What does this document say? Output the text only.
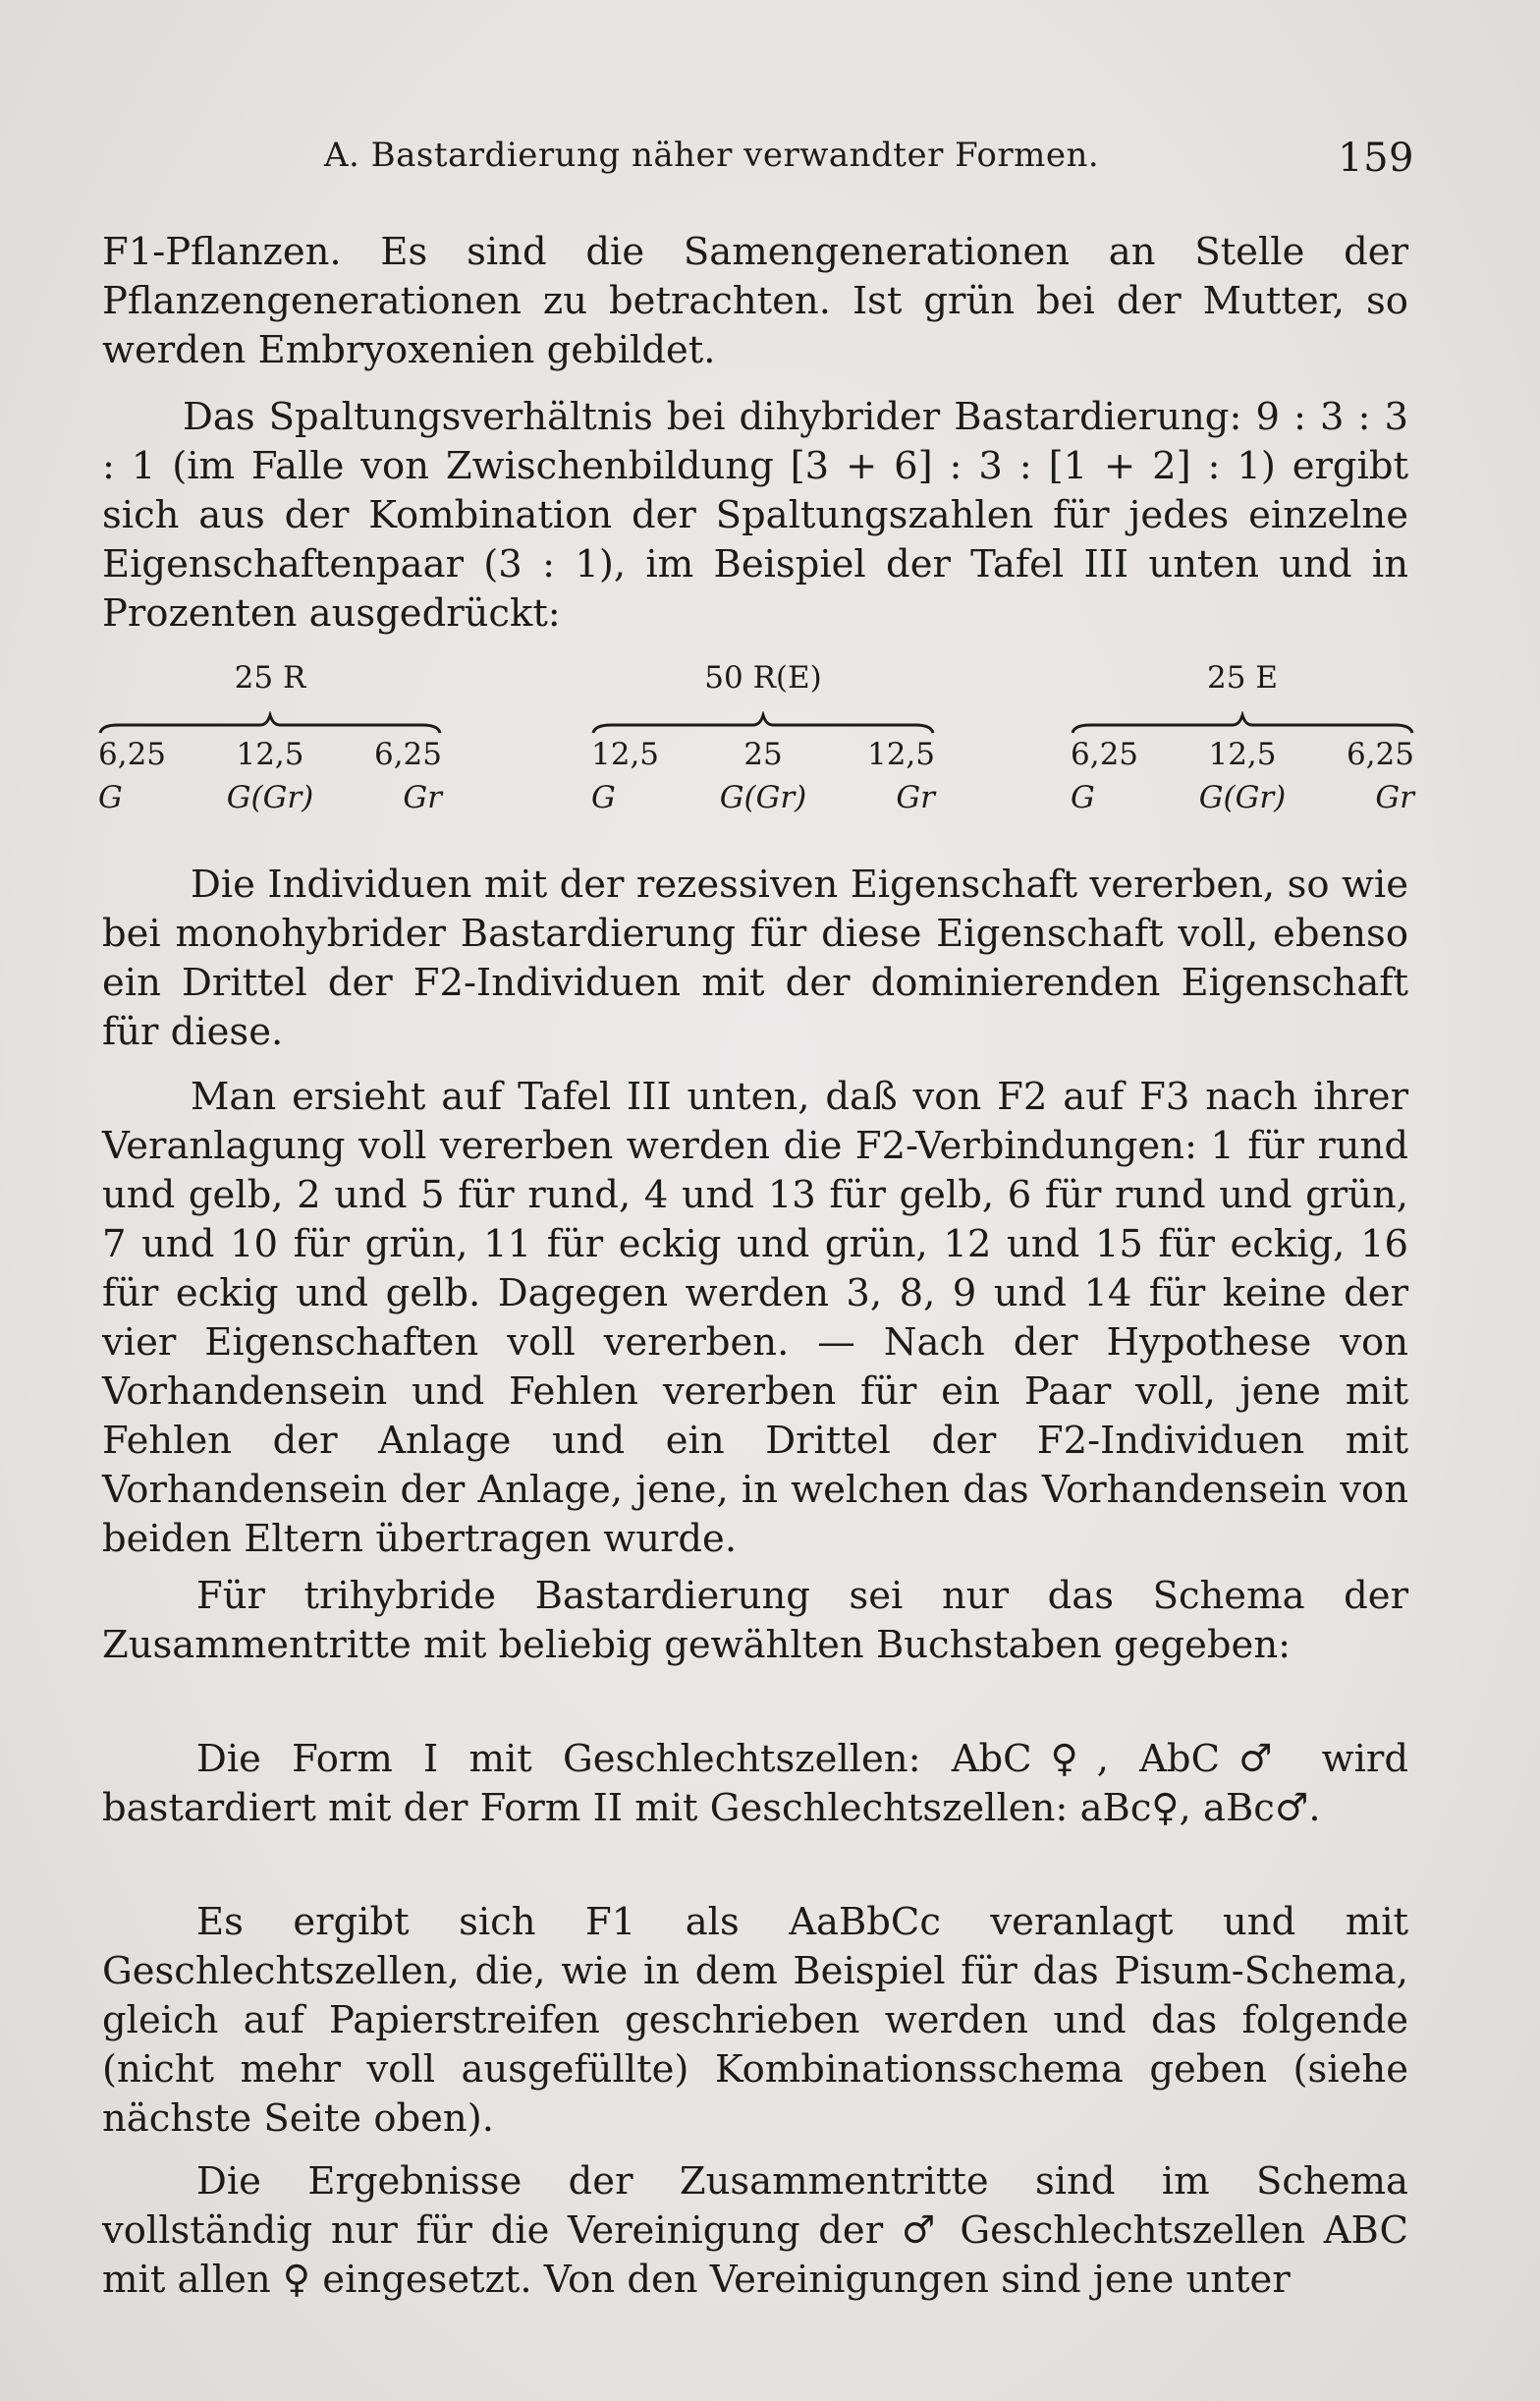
A. Bastardierung näher verwandter Formen.	159

F1-Pflanzen. Es sind die Samengenerationen an Stelle der Pflanzengenerationen zu betrachten. Ist grün bei der Mutter, so werden Embryoxenien gebildet.

Das Spaltungsverhältnis bei dihybrider Bastardierung: 9 : 3 : 3 : 1 (im Falle von Zwischenbildung [3 + 6] : 3 : [1 + 2] : 1) ergibt sich aus der Kombination der Spaltungszahlen für jedes einzelne Eigenschaftenpaar (3 : 1), im Beispiel der Tafel III unten und in Prozenten ausgedrückt:

25 R
6,25	12,5	6,25
G	G(Gr)	Gr
50 R(E)
12,5	25	12,5
G	G(Gr)	Gr
25 E
6,25	12,5	6,25
G	G(Gr)	Gr

Die Individuen mit der rezessiven Eigenschaft vererben, so wie bei monohybrider Bastardierung für diese Eigenschaft voll, ebenso ein Drittel der F2-Individuen mit der dominierenden Eigenschaft für diese.

Man ersieht auf Tafel III unten, daß von F2 auf F3 nach ihrer Veranlagung voll vererben werden die F2-Verbindungen: 1 für rund und gelb, 2 und 5 für rund, 4 und 13 für gelb, 6 für rund und grün, 7 und 10 für grün, 11 für eckig und grün, 12 und 15 für eckig, 16 für eckig und gelb. Dagegen werden 3, 8, 9 und 14 für keine der vier Eigenschaften voll vererben. — Nach der Hypothese von Vorhandensein und Fehlen vererben für ein Paar voll, jene mit Fehlen der Anlage und ein Drittel der F2-Individuen mit Vorhandensein der Anlage, jene, in welchen das Vorhandensein von beiden Eltern übertragen wurde.

Für trihybride Bastardierung sei nur das Schema der Zusammentritte mit beliebig gewählten Buchstaben gegeben:

Die Form I mit Geschlechtszellen: AbC♀, AbC♂ wird bastardiert mit der Form II mit Geschlechtszellen: aBc♀, aBc♂.

Es ergibt sich F1 als AaBbCc veranlagt und mit Geschlechtszellen, die, wie in dem Beispiel für das Pisum-Schema, gleich auf Papierstreifen geschrieben werden und das folgende (nicht mehr voll ausgefüllte) Kombinationsschema geben (siehe nächste Seite oben).

Die Ergebnisse der Zusammentritte sind im Schema vollständig nur für die Vereinigung der ♂ Geschlechtszellen ABC mit allen ♀ eingesetzt. Von den Vereinigungen sind jene unter
